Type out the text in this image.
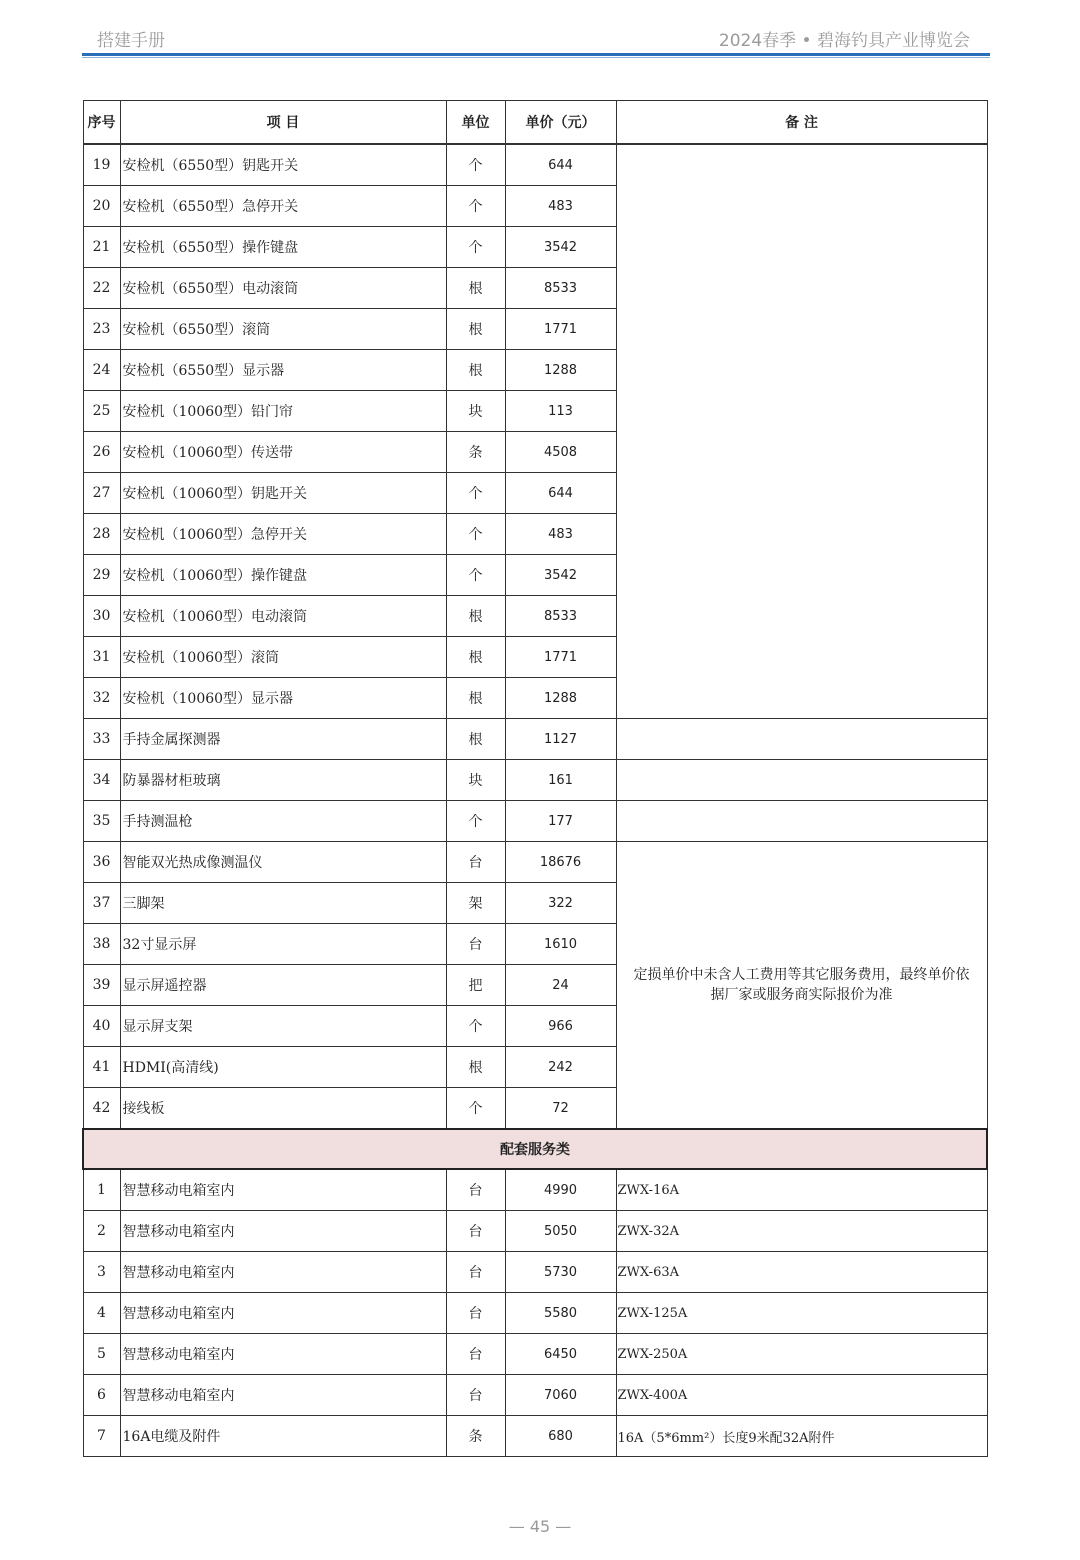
搭建手册	2024春季 • 碧海钓具产业博览会
序号	项 目	单位	单价（元）	备 注
19	安检机（6550型）钥匙开关	个	644	
20	安检机（6550型）急停开关	个	483	
21	安检机（6550型）操作键盘	个	3542	
22	安检机（6550型）电动滚筒	根	8533	
23	安检机（6550型）滚筒	根	1771	
24	安检机（6550型）显示器	根	1288	
25	安检机（10060型）铅门帘	块	113	
26	安检机（10060型）传送带	条	4508	
27	安检机（10060型）钥匙开关	个	644	
28	安检机（10060型）急停开关	个	483	
29	安检机（10060型）操作键盘	个	3542	
30	安检机（10060型）电动滚筒	根	8533	
31	安检机（10060型）滚筒	根	1771	
32	安检机（10060型）显示器	根	1288	
33	手持金属探测器	根	1127	
34	防暴器材柜玻璃	块	161	
35	手持测温枪	个	177	
36	智能双光热成像测温仪	台	18676	定损单价中未含人工费用等其它服务费用，最终单价依
据厂家或服务商实际报价为准

37	三脚架	架	322	
38	32寸显示屏	台	1610	
39	显示屏遥控器	把	24	
40	显示屏支架	个	966	
41	HDMI(高清线)	根	242	
42	接线板	个	72	
配套服务类				
1	智慧移动电箱室内	台	4990	ZWX-16A
2	智慧移动电箱室内	台	5050	ZWX-32A
3	智慧移动电箱室内	台	5730	ZWX-63A
4	智慧移动电箱室内	台	5580	ZWX-125A
5	智慧移动电箱室内	台	6450	ZWX-250A
6	智慧移动电箱室内	台	7060	ZWX-400A
7	16A电缆及附件	条	680	16A（5*6mm²）长度9米配32A附件
— 45 —
